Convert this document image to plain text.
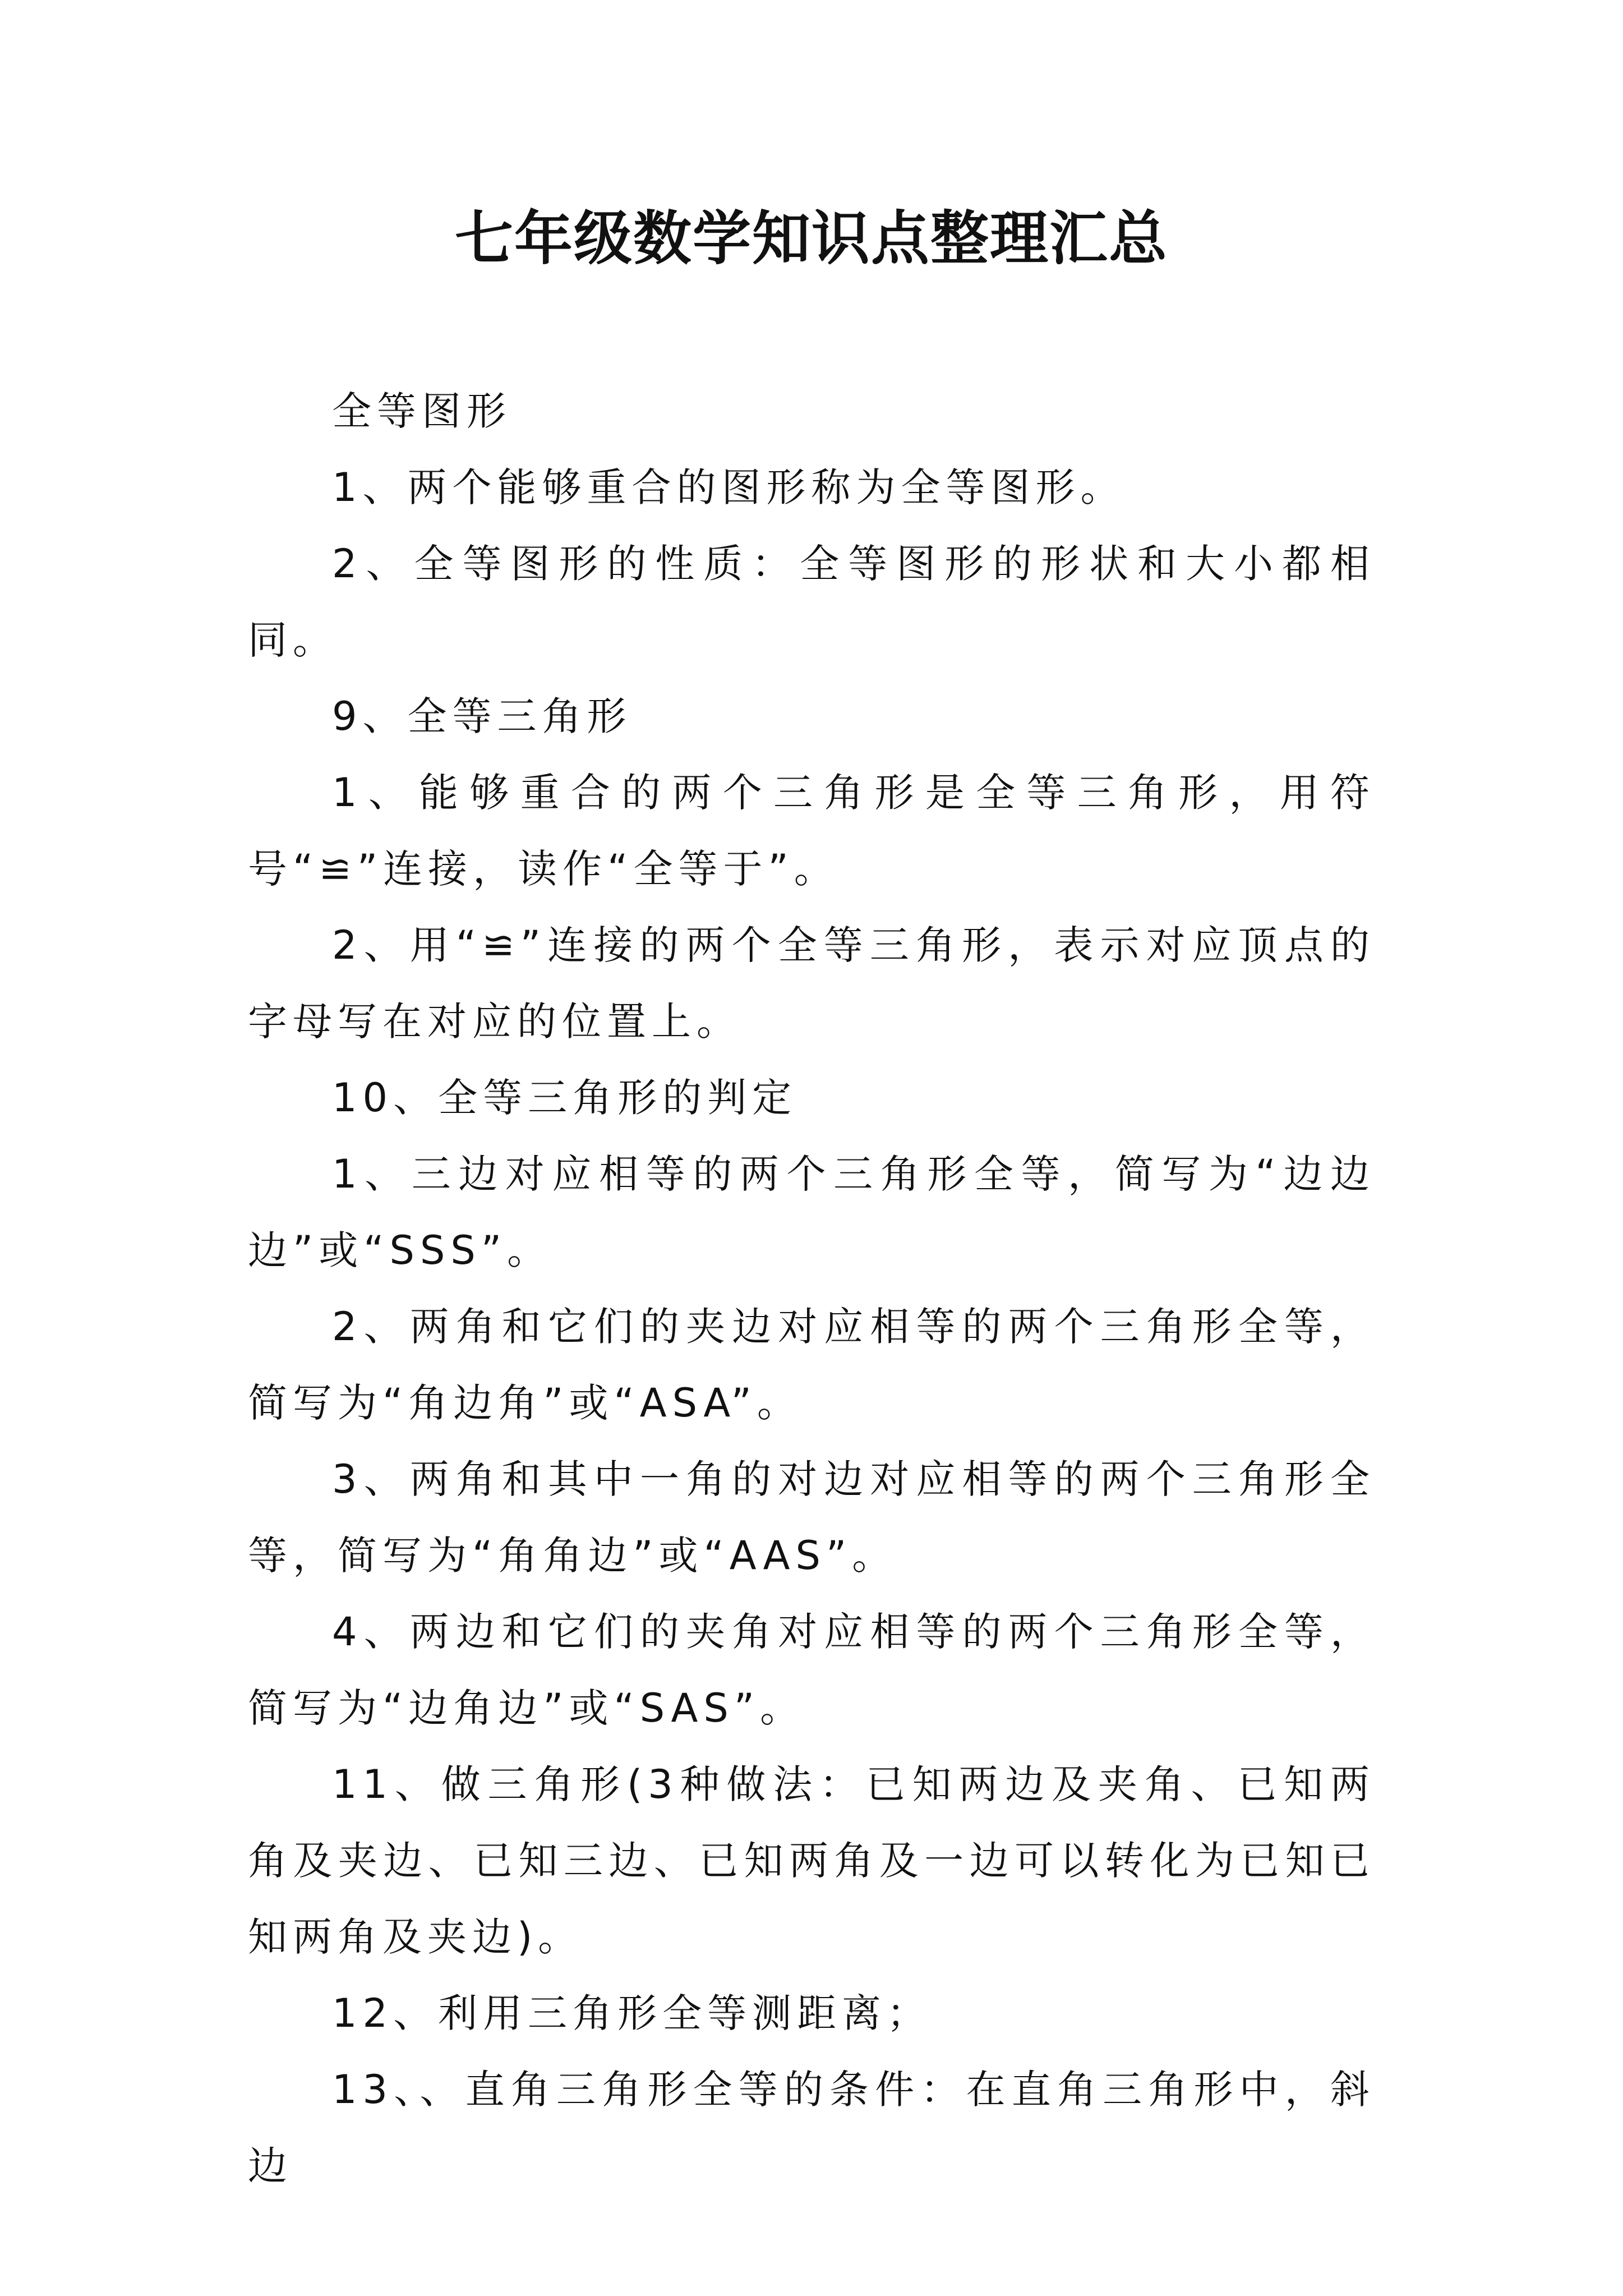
七年级数学知识点整理汇总

全等图形

1、两个能够重合的图形称为全等图形。

2、全等图形的性质：全等图形的形状和大小都相同。

9、全等三角形

1、能够重合的两个三角形是全等三角形，用符号“≌”连接，读作“全等于”。

2、用“≌”连接的两个全等三角形，表示对应顶点的字母写在对应的位置上。

10、全等三角形的判定

1、三边对应相等的两个三角形全等，简写为“边边边”或“SSS”。

2、两角和它们的夹边对应相等的两个三角形全等，简写为“角边角”或“ASA”。

3、两角和其中一角的对边对应相等的两个三角形全等，简写为“角角边”或“AAS”。

4、两边和它们的夹角对应相等的两个三角形全等，简写为“边角边”或“SAS”。

11、做三角形(3种做法：已知两边及夹角、已知两角及夹边、已知三边、已知两角及一边可以转化为已知已知两角及夹边)。

12、利用三角形全等测距离；

13、、直角三角形全等的条件：在直角三角形中，斜边
